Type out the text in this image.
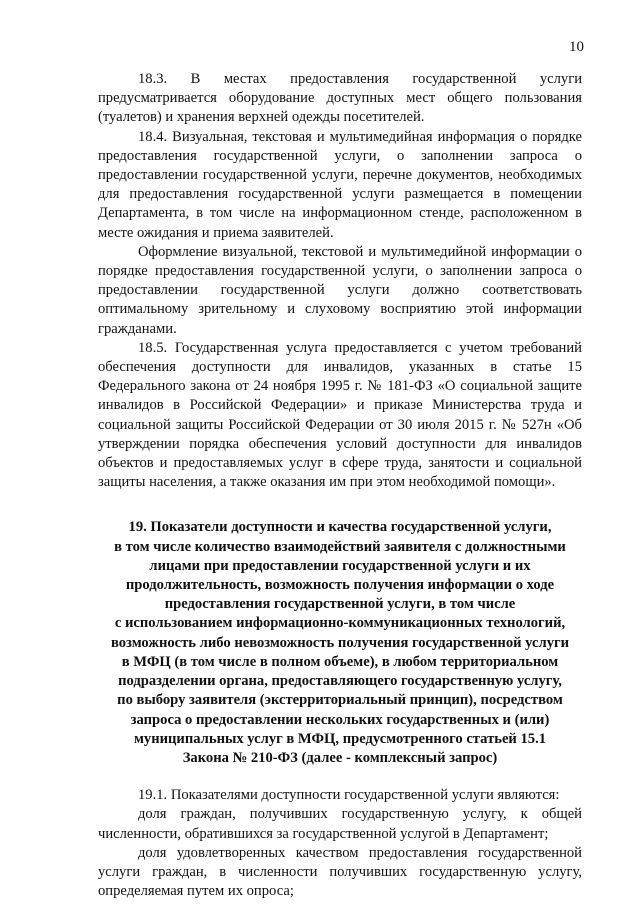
10

18.3. В местах предоставления государственной услуги предусматривается оборудование доступных мест общего пользования (туалетов) и хранения верхней одежды посетителей.

18.4. Визуальная, текстовая и мультимедийная информация о порядке предоставления государственной услуги, о заполнении запроса о предоставлении государственной услуги, перечне документов, необходимых для предоставления государственной услуги размещается в помещении Департамента, в том числе на информационном стенде, расположенном в месте ожидания и приема заявителей.

Оформление визуальной, текстовой и мультимедийной информации о порядке предоставления государственной услуги, о заполнении запроса о предоставлении государственной услуги должно соответствовать оптимальному зрительному и слуховому восприятию этой информации гражданами.

18.5. Государственная услуга предоставляется с учетом требований обеспечения доступности для инвалидов, указанных в статье 15 Федерального закона от 24 ноября 1995 г. № 181-ФЗ «О социальной защите инвалидов в Российской Федерации» и приказе Министерства труда и социальной защиты Российской Федерации от 30 июля 2015 г. № 527н «Об утверждении порядка обеспечения условий доступности для инвалидов объектов и предоставляемых услуг в сфере труда, занятости и социальной защиты населения, а также оказания им при этом необходимой помощи».

19. Показатели доступности и качества государственной услуги,
в том числе количество взаимодействий заявителя с должностными
лицами при предоставлении государственной услуги и их
продолжительность, возможность получения информации о ходе
предоставления государственной услуги, в том числе
с использованием информационно-коммуникационных технологий,
возможность либо невозможность получения государственной услуги
в МФЦ (в том числе в полном объеме), в любом территориальном
подразделении органа, предоставляющего государственную услугу,
по выбору заявителя (экстерриториальный принцип), посредством
запроса о предоставлении нескольких государственных и (или)
муниципальных услуг в МФЦ, предусмотренного статьей 15.1
Закона № 210-ФЗ (далее - комплексный запрос)

19.1. Показателями доступности государственной услуги являются:

доля граждан, получивших государственную услугу, к общей численности, обратившихся за государственной услугой в Департамент;

доля удовлетворенных качеством предоставления государственной услуги граждан, в численности получивших государственную услугу, определяемая путем их опроса;
